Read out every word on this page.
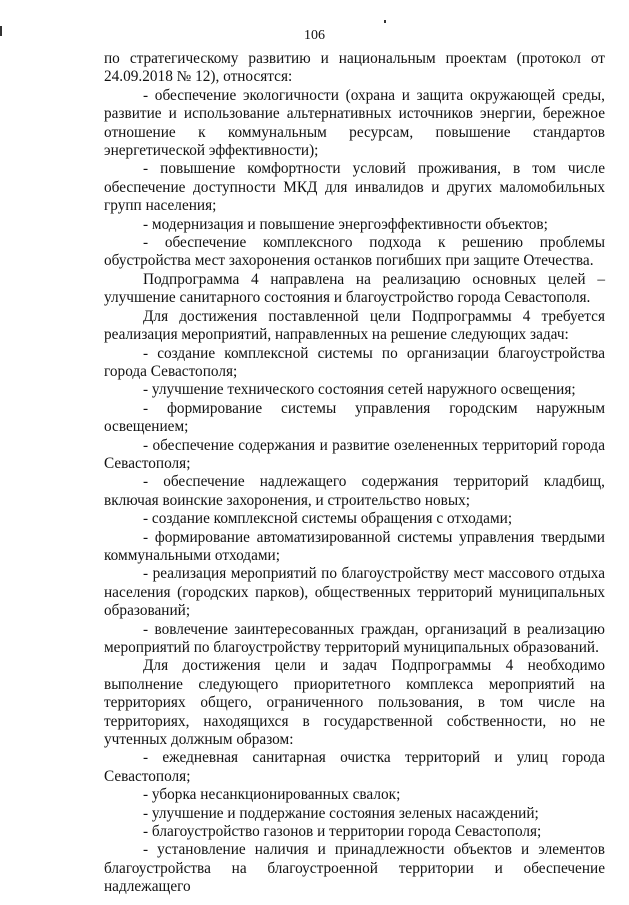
106

по стратегическому развитию и национальным проектам (протокол от 24.09.2018 № 12), относятся:

- обеспечение экологичности (охрана и защита окружающей среды, развитие и использование альтернативных источников энергии, бережное отношение к коммунальным ресурсам, повышение стандартов энергетической эффективности);

- повышение комфортности условий проживания, в том числе обеспечение доступности МКД для инвалидов и других маломобильных групп населения;

- модернизация и повышение энергоэффективности объектов;

- обеспечение комплексного подхода к решению проблемы обустройства мест захоронения останков погибших при защите Отечества.

Подпрограмма 4 направлена на реализацию основных целей – улучшение санитарного состояния и благоустройство города Севастополя.

Для достижения поставленной цели Подпрограммы 4 требуется реализация мероприятий, направленных на решение следующих задач:

- создание комплексной системы по организации благоустройства города Севастополя;

- улучшение технического состояния сетей наружного освещения;

- формирование системы управления городским наружным освещением;

- обеспечение содержания и развитие озелененных территорий города Севастополя;

- обеспечение надлежащего содержания территорий кладбищ, включая воинские захоронения, и строительство новых;

- создание комплексной системы обращения с отходами;

- формирование автоматизированной системы управления твердыми коммунальными отходами;

- реализация мероприятий по благоустройству мест массового отдыха населения (городских парков), общественных территорий муниципальных образований;

- вовлечение заинтересованных граждан, организаций в реализацию мероприятий по благоустройству территорий муниципальных образований.

Для достижения цели и задач Подпрограммы 4 необходимо выполнение следующего приоритетного комплекса мероприятий на территориях общего, ограниченного пользования, в том числе на территориях, находящихся в государственной собственности, но не учтенных должным образом:

- ежедневная санитарная очистка территорий и улиц города Севастополя;

- уборка несанкционированных свалок;

- улучшение и поддержание состояния зеленых насаждений;

- благоустройство газонов и территории города Севастополя;

- установление наличия и принадлежности объектов и элементов благоустройства на благоустроенной территории и обеспечение надлежащего
